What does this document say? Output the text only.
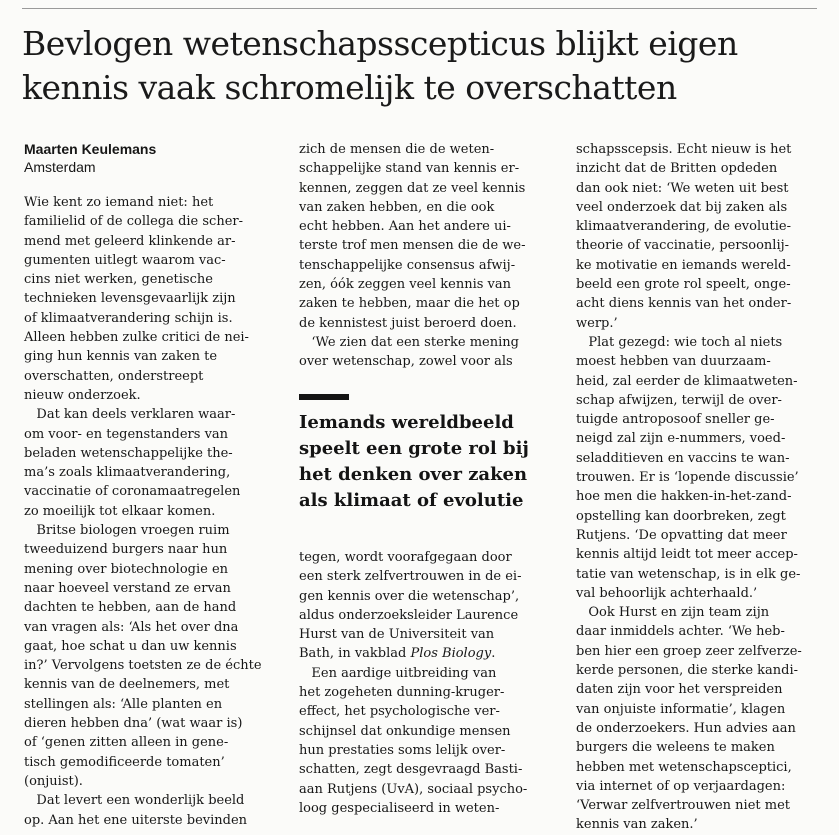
Bevlogen wetenschapsscepticus blijkt eigen kennis vaak schromelijk te overschatten

Maarten Keulemans

Amsterdam

Wie kent zo iemand niet: het

familielid of de collega die scher-

mend met geleerd klinkende ar-

gumenten uitlegt waarom vac-

cins niet werken, genetische

technieken levensgevaarlijk zijn

of klimaatverandering schijn is.

Alleen hebben zulke critici de nei-

ging hun kennis van zaken te

overschatten, onderstreept

nieuw onderzoek.

Dat kan deels verklaren waar-

om voor- en tegenstanders van

beladen wetenschappelijke the-

ma’s zoals klimaatverandering,

vaccinatie of coronamaatregelen

zo moeilijk tot elkaar komen.

Britse biologen vroegen ruim

tweeduizend burgers naar hun

mening over biotechnologie en

naar hoeveel verstand ze ervan

dachten te hebben, aan de hand

van vragen als: ‘Als het over dna

gaat, hoe schat u dan uw kennis

in?’ Vervolgens toetsten ze de échte

kennis van de deelnemers, met

stellingen als: ‘Alle planten en

dieren hebben dna’ (wat waar is)

of ‘genen zitten alleen in gene-

tisch gemodificeerde tomaten’

(onjuist).

Dat levert een wonderlijk beeld

op. Aan het ene uiterste bevinden

zich de mensen die de weten-

schappelijke stand van kennis er-

kennen, zeggen dat ze veel kennis

van zaken hebben, en die ook

echt hebben. Aan het andere ui-

terste trof men mensen die de we-

tenschappelijke consensus afwij-

zen, óók zeggen veel kennis van

zaken te hebben, maar die het op

de kennistest juist beroerd doen.

‘We zien dat een sterke mening

over wetenschap, zowel voor als

Iemands wereldbeeld speelt een grote rol bij het denken over zaken als klimaat of evolutie

tegen, wordt voorafgegaan door

een sterk zelfvertrouwen in de ei-

gen kennis over die wetenschap’,

aldus onderzoeksleider Laurence

Hurst van de Universiteit van

Bath, in vakblad Plos Biology.

Een aardige uitbreiding van

het zogeheten dunning-kruger-

effect, het psychologische ver-

schijnsel dat onkundige mensen

hun prestaties soms lelijk over-

schatten, zegt desgevraagd Basti-

aan Rutjens (UvA), sociaal psycho-

loog gespecialiseerd in weten-

schapsscepsis. Echt nieuw is het

inzicht dat de Britten opdeden

dan ook niet: ‘We weten uit best

veel onderzoek dat bij zaken als

klimaatverandering, de evolutie-

theorie of vaccinatie, persoonlij-

ke motivatie en iemands wereld-

beeld een grote rol speelt, onge-

acht diens kennis van het onder-

werp.’

Plat gezegd: wie toch al niets

moest hebben van duurzaam-

heid, zal eerder de klimaatweten-

schap afwijzen, terwijl de over-

tuigde antroposoof sneller ge-

neigd zal zijn e-nummers, voed-

seladditieven en vaccins te wan-

trouwen. Er is ‘lopende discussie’

hoe men die hakken-in-het-zand-

opstelling kan doorbreken, zegt

Rutjens. ‘De opvatting dat meer

kennis altijd leidt tot meer accep-

tatie van wetenschap, is in elk ge-

val behoorlijk achterhaald.’

Ook Hurst en zijn team zijn

daar inmiddels achter. ‘We heb-

ben hier een groep zeer zelfverze-

kerde personen, die sterke kandi-

daten zijn voor het verspreiden

van onjuiste informatie’, klagen

de onderzoekers. Hun advies aan

burgers die weleens te maken

hebben met wetenschapsceptici,

via internet of op verjaardagen:

‘Verwar zelfvertrouwen niet met

kennis van zaken.’
